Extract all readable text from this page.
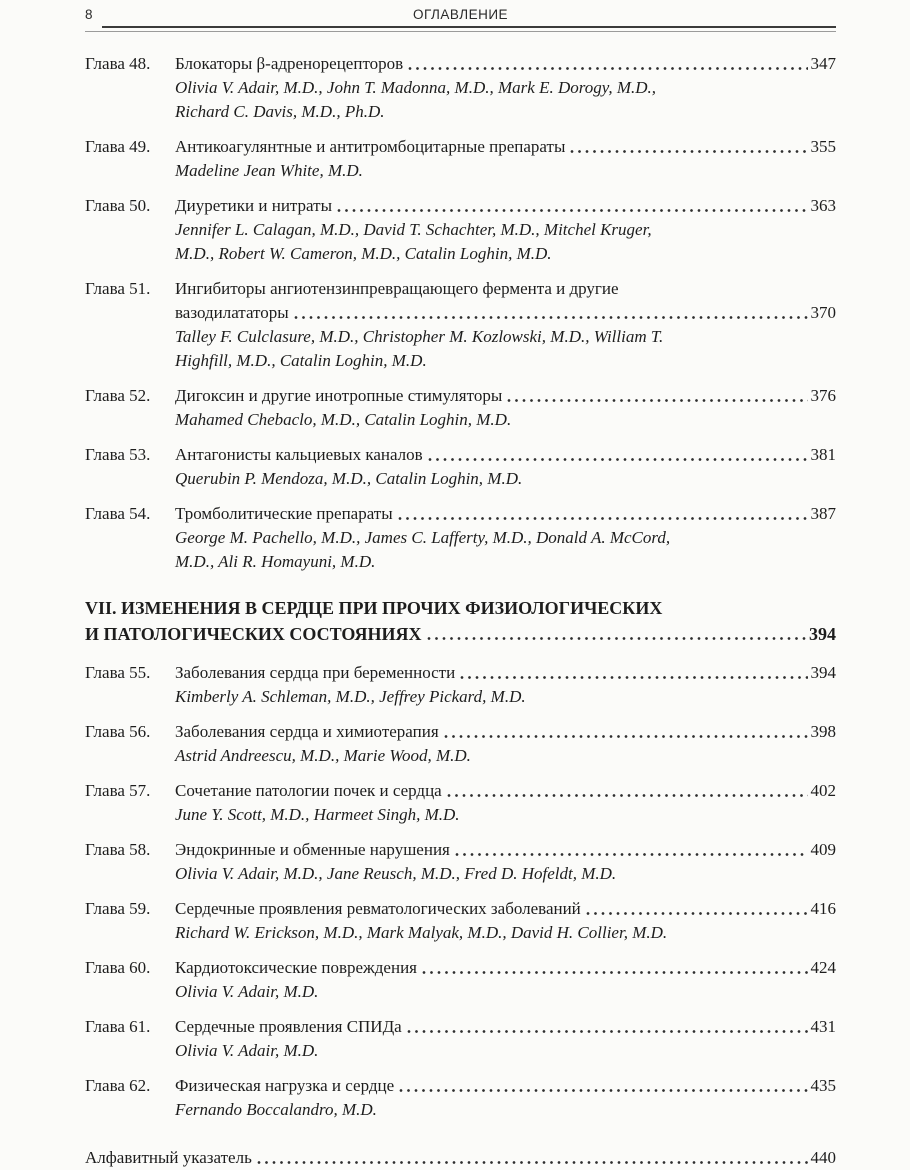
8	ОГЛАВЛЕНИЕ
Глава 48.	Блокаторы β-адренорецепторов	347
Olivia V. Adair, M.D., John T. Madonna, M.D., Mark E. Dorogy, M.D.,
Richard C. Davis, M.D., Ph.D.
Глава 49.	Антикоагулянтные и антитромбоцитарные препараты	355
Madeline Jean White, M.D.
Глава 50.	Диуретики и нитраты	363
Jennifer L. Calagan, M.D., David T. Schachter, M.D., Mitchel Kruger,
M.D., Robert W. Cameron, M.D., Catalin Loghin, M.D.
Глава 51.	Ингибиторы ангиотензинпревращающего фермента и другие
вазодилататоры	370
Talley F. Culclasure, M.D., Christopher M. Kozlowski, M.D., William T.
Highfill, M.D., Catalin Loghin, M.D.
Глава 52.	Дигоксин и другие инотропные стимуляторы	376
Mahamed Chebaclo, M.D., Catalin Loghin, M.D.
Глава 53.	Антагонисты кальциевых каналов	381
Querubin P. Mendoza, M.D., Catalin Loghin, M.D.
Глава 54.	Тромболитические препараты	387
George M. Pachello, M.D., James C. Lafferty, M.D., Donald A. McCord,
M.D., Ali R. Homayuni, M.D.
VII. ИЗМЕНЕНИЯ В СЕРДЦЕ ПРИ ПРОЧИХ ФИЗИОЛОГИЧЕСКИХ
И ПАТОЛОГИЧЕСКИХ СОСТОЯНИЯХ	394
Глава 55.	Заболевания сердца при беременности	394
Kimberly A. Schleman, M.D., Jeffrey Pickard, M.D.
Глава 56.	Заболевания сердца и химиотерапия	398
Astrid Andreescu, M.D., Marie Wood, M.D.
Глава 57.	Сочетание патологии почек и сердца	402
June Y. Scott, M.D., Harmeet Singh, M.D.
Глава 58.	Эндокринные и обменные нарушения	409
Olivia V. Adair, M.D., Jane Reusch, M.D., Fred D. Hofeldt, M.D.
Глава 59.	Сердечные проявления ревматологических заболеваний	416
Richard W. Erickson, M.D., Mark Malyak, M.D., David H. Collier, M.D.
Глава 60.	Кардиотоксические повреждения	424
Olivia V. Adair, M.D.
Глава 61.	Сердечные проявления СПИДа	431
Olivia V. Adair, M.D.
Глава 62.	Физическая нагрузка и сердце	435
Fernando Boccalandro, M.D.
Алфавитный указатель	440
